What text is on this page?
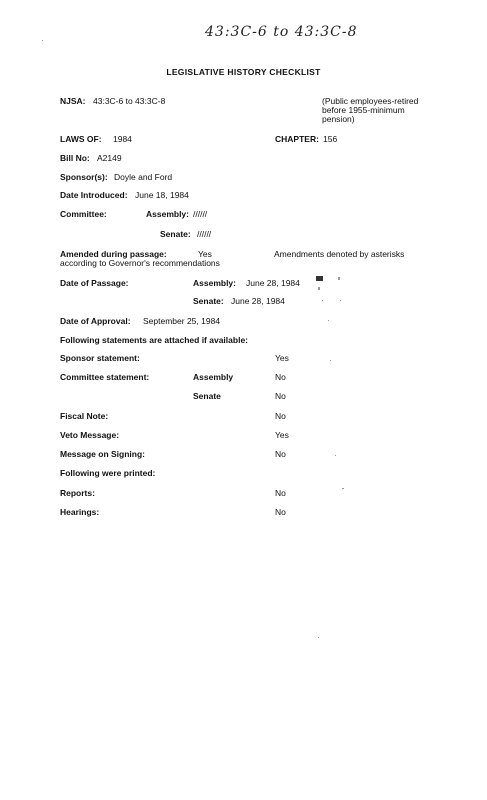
43:3C-6 to 43:3C-8
LEGISLATIVE HISTORY CHECKLIST
NJSA: 43:3C-6 to 43:3C-8	(Public employees-retired
before 1955-minimum
pension)
LAWS OF: 1984	CHAPTER: 156
Bill No: A2149
Sponsor(s): Doyle and Ford
Date Introduced: June 18, 1984
Committee:	Assembly: //////
Senate: //////
Amended during passage:	Yes	Amendments denoted by asterisks
according to Governor's recommendations
Date of Passage:	Assembly: June 28, 1984
Senate: June 28, 1984
Date of Approval: September 25, 1984
Following statements are attached if available:
Sponsor statement:	Yes
Committee statement:	Assembly	No
Senate	No
Fiscal Note:	No
Veto Message:	Yes
Message on Signing:	No
Following were printed:
Reports:	No
Hearings:	No
